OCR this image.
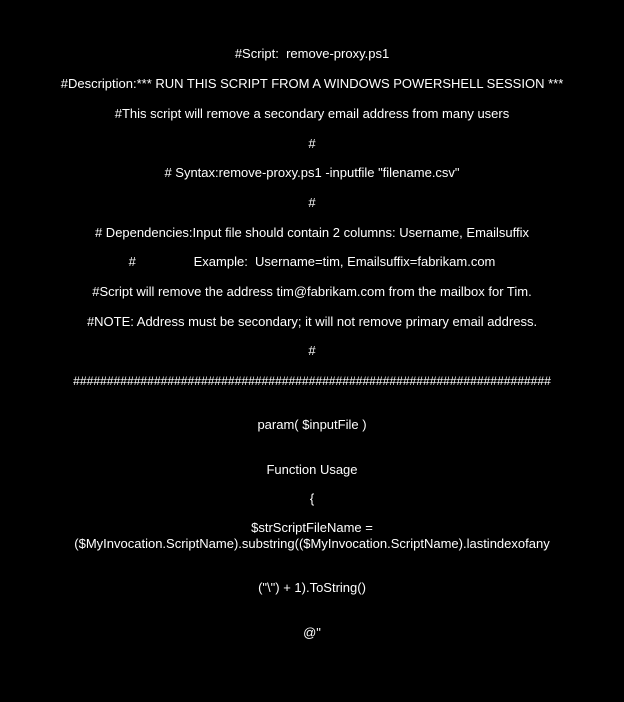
#Script:  remove-proxy.ps1
#Description:*** RUN THIS SCRIPT FROM A WINDOWS POWERSHELL SESSION ***
#This script will remove a secondary email address from many users
#
# Syntax:remove-proxy.ps1 -inputfile "filename.csv"
#
# Dependencies:Input file should contain 2 columns: Username, Emailsuffix
#                Example:  Username=tim, Emailsuffix=fabrikam.com
#Script will remove the address tim@fabrikam.com from the mailbox for Tim.
#NOTE: Address must be secondary; it will not remove primary email address.
#
#######################################################################
param( $inputFile )
Function Usage
{
$strScriptFileName =
($MyInvocation.ScriptName).substring(($MyInvocation.ScriptName).lastindexofany
("\") + 1).ToString()
@"
